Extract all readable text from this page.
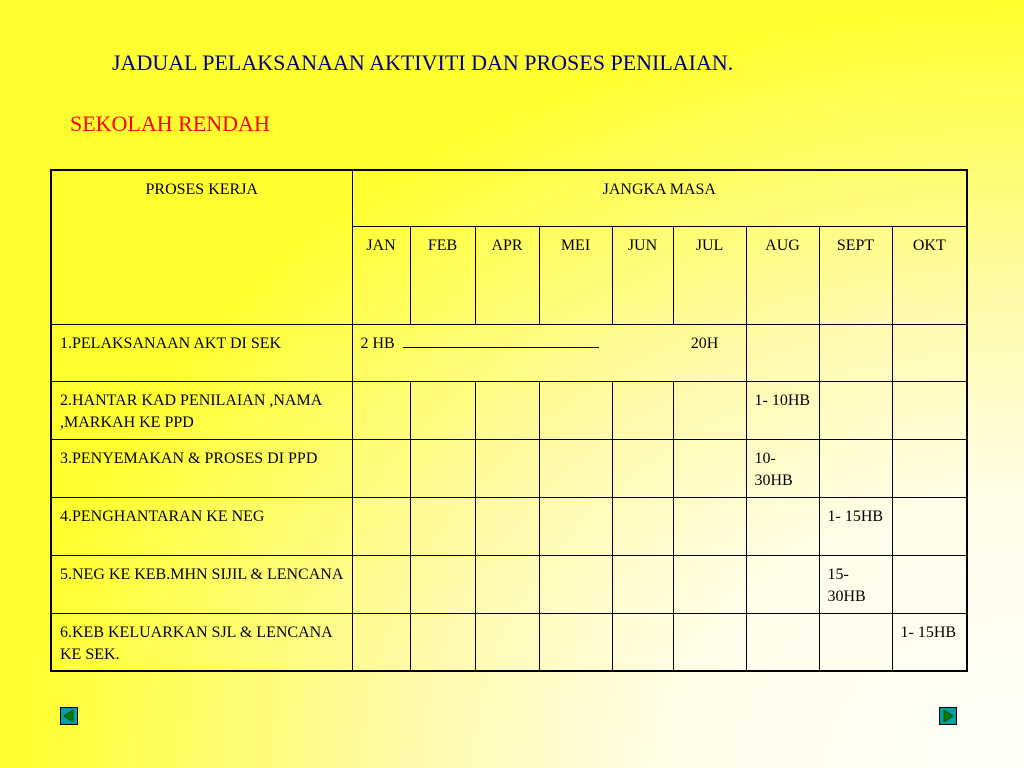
JADUAL PELAKSANAAN AKTIVITI DAN PROSES PENILAIAN.
SEKOLAH RENDAH
PROSES KERJA	JANGKA MASA								
	JAN	FEB	APR	MEI	JUN	JUL	AUG	SEPT	OKT
1.PELAKSANAAN AKT DI SEK	2 HB 20H								
2.HANTAR KAD PENILAIAN ,NAMA ,MARKAH KE PPD							1- 10HB		
3.PENYEMAKAN & PROSES DI PPD							10- 30HB		
4.PENGHANTARAN KE NEG								1- 15HB	
5.NEG KE KEB.MHN SIJIL & LENCANA								15- 30HB	
6.KEB KELUARKAN SJL & LENCANA KE SEK.									1- 15HB
